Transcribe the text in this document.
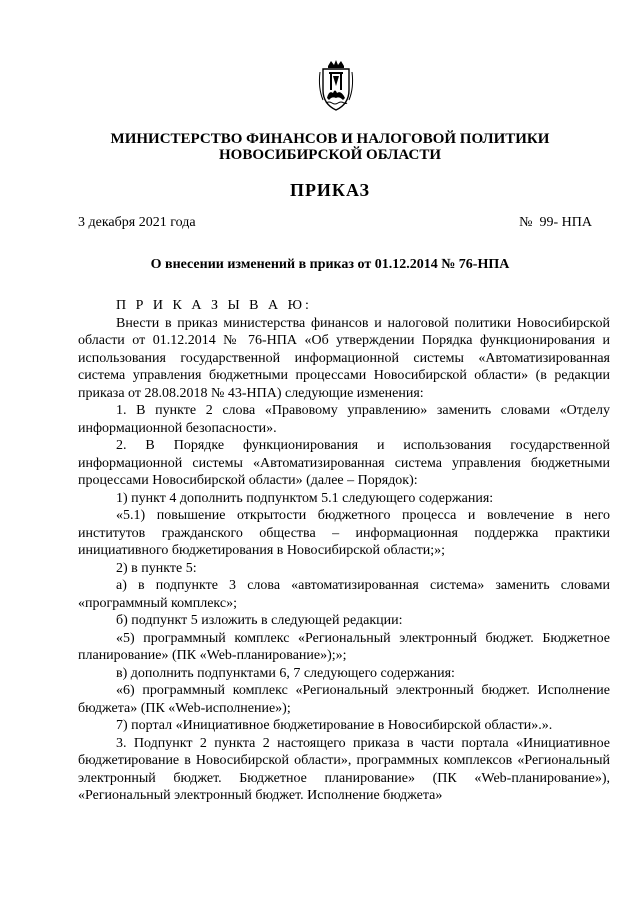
МИНИСТЕРСТВО ФИНАНСОВ И НАЛОГОВОЙ ПОЛИТИКИ
НОВОСИБИРСКОЙ ОБЛАСТИ
ПРИКАЗ
3 декабря 2021 года	№  99- НПА
О внесении изменений в приказ от 01.12.2014 № 76-НПА

П Р И К А З Ы В А Ю:

Внести в приказ министерства финансов и налоговой политики Новосибирской области от 01.12.2014 № 76-НПА «Об утверждении Порядка функционирования и использования государственной информационной системы «Автоматизированная система управления бюджетными процессами Новосибирской области» (в редакции приказа от 28.08.2018 № 43-НПА) следующие изменения:

1. В пункте 2 слова «Правовому управлению» заменить словами «Отделу информационной безопасности».

2. В Порядке функционирования и использования государственной информационной системы «Автоматизированная система управления бюджетными процессами Новосибирской области» (далее – Порядок):

1) пункт 4 дополнить подпунктом 5.1 следующего содержания:

«5.1) повышение открытости бюджетного процесса и вовлечение в него институтов гражданского общества – информационная поддержка практики инициативного бюджетирования в Новосибирской области;»;

2) в пункте 5:

а) в подпункте 3 слова «автоматизированная система» заменить словами «программный комплекс»;

б) подпункт 5 изложить в следующей редакции:

«5) программный комплекс «Региональный электронный бюджет. Бюджетное планирование» (ПК «Web-планирование»);»;

в) дополнить подпунктами 6, 7 следующего содержания:

«6) программный комплекс «Региональный электронный бюджет. Исполнение бюджета» (ПК «Web-исполнение»);

7) портал «Инициативное бюджетирование в Новосибирской области».».

3. Подпункт 2 пункта 2 настоящего приказа в части портала «Инициативное бюджетирование в Новосибирской области», программных комплексов «Региональный электронный бюджет. Бюджетное планирование» (ПК «Web-планирование»), «Региональный электронный бюджет. Исполнение бюджета»
